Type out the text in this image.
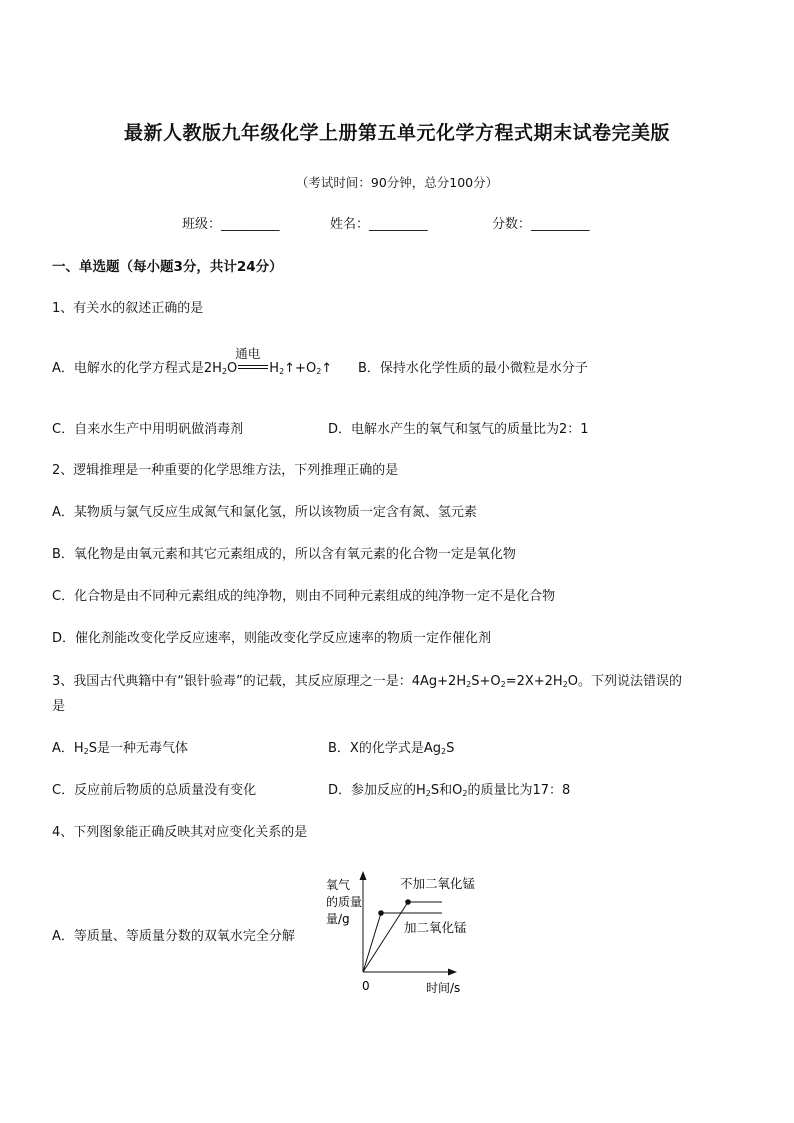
最新人教版九年级化学上册第五单元化学方程式期末试卷完美版
（考试时间：90分钟，总分100分）
班级：_________	姓名：_________	分数：_________
一、单选题（每小题3分，共计24分）
1、有关水的叙述正确的是
A．电解水的化学方程式是$2H_2O$
通电
$H_2↑+O_2↑$ B．保持水化学性质的最小微粒是水分子
C．自来水生产中用明矾做消毒剂	D．电解水产生的氧气和氢气的质量比为2：1
2、逻辑推理是一种重要的化学思维方法，下列推理正确的是
A．某物质与氯气反应生成氮气和氯化氢，所以该物质一定含有氮、氢元素
B．氧化物是由氧元素和其它元素组成的，所以含有氧元素的化合物一定是氧化物
C．化合物是由不同种元素组成的纯净物，则由不同种元素组成的纯净物一定不是化合物
D．催化剂能改变化学反应速率，则能改变化学反应速率的物质一定作催化剂
3、我国古代典籍中有“银针验毒”的记载，其反应原理之一是：$4Ag+2H_2S+O_2=2X+2H_2O$。下列说法错误的
是
A．$H_2S$是一种无毒气体	B．X的化学式是$Ag_2S$
C．反应前后物质的总质量没有变化	D．参加反应的$H_2S$和$O_2$的质量比为17：8
4、下列图象能正确反映其对应变化关系的是
A．等质量、等质量分数的双氧水完全分解
氧气
的质量
量/g
0	时间/s
不加二氧化锰
加二氧化锰
